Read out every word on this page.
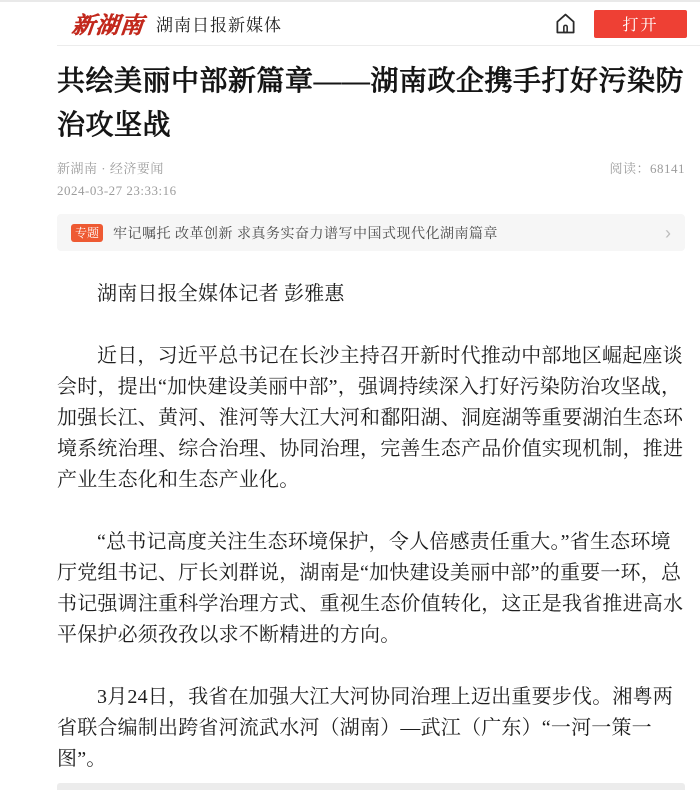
新湖南 湖南日报新媒体	打开
共绘美丽中部新篇章——湖南政企携手打好污染防治攻坚战
新湖南 · 经济要闻
2024-03-27 23:33:16
阅读：68141
专题 牢记嘱托 改革创新 求真务实奋力谱写中国式现代化湖南篇章	›

湖南日报全媒体记者 彭雅惠

近日，习近平总书记在长沙主持召开新时代推动中部地区崛起座谈会时，提出“加快建设美丽中部”，强调持续深入打好污染防治攻坚战，加强长江、黄河、淮河等大江大河和鄱阳湖、洞庭湖等重要湖泊生态环境系统治理、综合治理、协同治理，完善生态产品价值实现机制，推进产业生态化和生态产业化。

“总书记高度关注生态环境保护，令人倍感责任重大。”省生态环境厅党组书记、厅长刘群说，湖南是“加快建设美丽中部”的重要一环，总书记强调注重科学治理方式、重视生态价值转化，这正是我省推进高水平保护必须孜孜以求不断精进的方向。

3月24日，我省在加强大江大河协同治理上迈出重要步伐。湘粤两省联合编制出跨省河流武水河（湖南）—武江（广东）“一河一策一图”。
